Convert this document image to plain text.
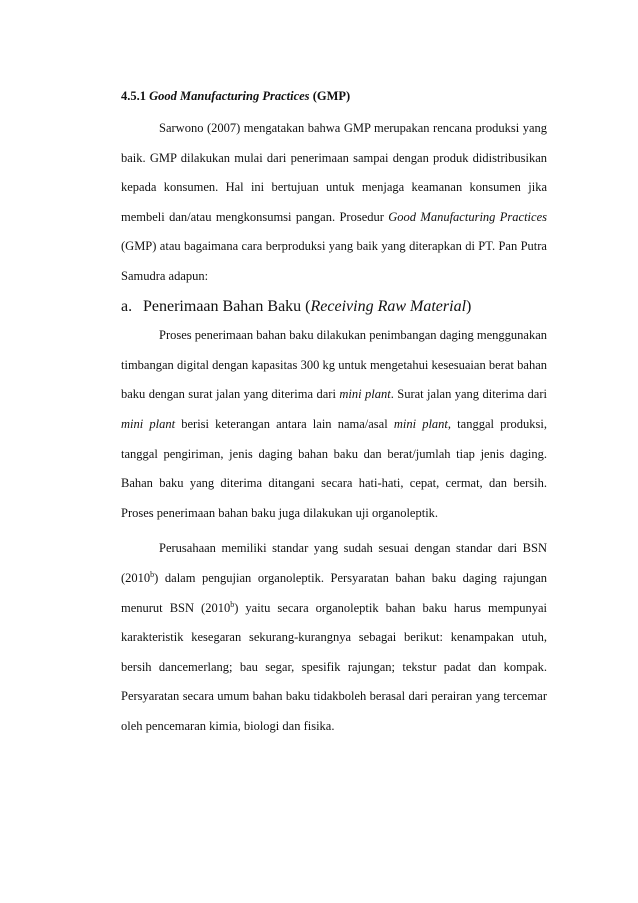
4.5.1 Good Manufacturing Practices (GMP)

Sarwono (2007) mengatakan bahwa GMP merupakan rencana produksi yang baik. GMP dilakukan mulai dari penerimaan sampai dengan produk didistribusikan kepada konsumen. Hal ini bertujuan untuk menjaga keamanan konsumen jika membeli dan/atau mengkonsumsi pangan. Prosedur Good Manufacturing Practices (GMP) atau bagaimana cara berproduksi yang baik yang diterapkan di PT. Pan Putra Samudra adapun:

a. Penerimaan Bahan Baku (Receiving Raw Material)

Proses penerimaan bahan baku dilakukan penimbangan daging menggunakan timbangan digital dengan kapasitas 300 kg untuk mengetahui kesesuaian berat bahan baku dengan surat jalan yang diterima dari mini plant. Surat jalan yang diterima dari mini plant berisi keterangan antara lain nama/asal mini plant, tanggal produksi, tanggal pengiriman, jenis daging bahan baku dan berat/jumlah tiap jenis daging. Bahan baku yang diterima ditangani secara hati-hati, cepat, cermat, dan bersih. Proses penerimaan bahan baku juga dilakukan uji organoleptik.

Perusahaan memiliki standar yang sudah sesuai dengan standar dari BSN (2010$^b$) dalam pengujian organoleptik. Persyaratan bahan baku daging rajungan menurut BSN (2010$^b$) yaitu secara organoleptik bahan baku harus mempunyai karakteristik kesegaran sekurang-kurangnya sebagai berikut: kenampakan utuh, bersih dancemerlang; bau segar, spesifik rajungan; tekstur padat dan kompak. Persyaratan secara umum bahan baku tidakboleh berasal dari perairan yang tercemar oleh pencemaran kimia, biologi dan fisika.
